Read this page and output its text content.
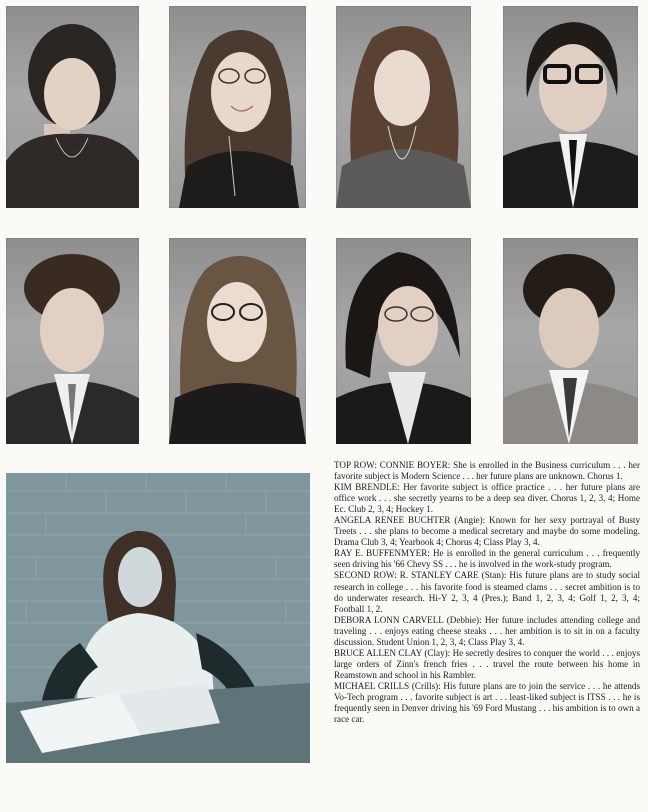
TOP ROW: CONNIE BOYER: She is enrolled in the Business curriculum . . . her favorite subject is Modern Science . . . her future plans are unknown. Chorus 1.

KIM BRENDLE: Her favorite subject is office practice . . . her future plans are office work . . . she secretly yearns to be a deep sea diver. Chorus 1, 2, 3, 4; Home Ec. Club 2, 3, 4; Hockey 1.

ANGELA RENEE BUCHTER (Angie): Known for her sexy portrayal of Busty Treets . . . she plans to become a medical secretary and maybe do some modeling. Drama Club 3, 4; Yearbook 4; Chorus 4; Class Play 3, 4.

RAY E. BUFFENMYER: He is enrolled in the general curriculum . . . frequently seen driving his '66 Chevy SS . . . he is involved in the work-study program.

SECOND ROW: R. STANLEY CARE (Stan): His future plans are to study social research in college . . . his favorite food is steamed clams . . . secret ambition is to do underwater research. Hi-Y 2, 3, 4 (Pres.); Band 1, 2, 3, 4; Golf 1, 2, 3, 4; Football 1, 2.

DEBORA LONN CARVELL (Debbie): Her future includes attending college and traveling . . . enjoys eating cheese steaks . . . her ambition is to sit in on a faculty discussion. Student Union 1, 2, 3, 4; Class Play 3, 4.

BRUCE ALLEN CLAY (Clay): He secretly desires to conquer the world . . . enjoys large orders of Zinn's french fries . . . travel the route between his home in Reamstown and school in his Rambler.

MICHAEL CRILLS (Crills): His future plans are to join the service . . . he attends Vo-Tech program . . . favorite subject is art . . . least-liked subject is ITSS . . . he is frequently seen in Denver driving his '69 Ford Mustang . . . his ambition is to own a race car.
